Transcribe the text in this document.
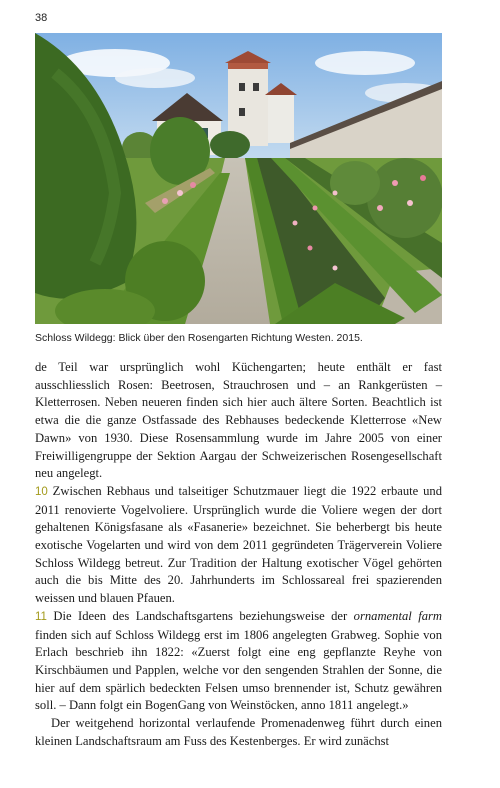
38
Schloss Wildegg: Blick über den Rosengarten Richtung Westen. 2015.

de Teil war ursprünglich wohl Küchengarten; heute enthält er fast ausschliesslich Rosen: Beetrosen, Strauchrosen und – an Rankgerüsten – Kletterrosen. Neben neueren finden sich hier auch ältere Sorten. Beachtlich ist etwa die die ganze Ostfassade des Rebhauses bedeckende Kletterrose «New Dawn» von 1930. Diese Rosensammlung wurde im Jahre 2005 von einer Freiwilligengruppe der Sektion Aargau der Schweizerischen Rosengesellschaft neu angelegt.

10 Zwischen Rebhaus und talseitiger Schutzmauer liegt die 1922 erbaute und 2011 renovierte Vogelvoliere. Ursprünglich wurde die Voliere wegen der dort gehaltenen Königsfasane als «Fasanerie» bezeichnet. Sie beherbergt bis heute exotische Vogelarten und wird von dem 2011 gegründeten Trägerverein Voliere Schloss Wildegg betreut. Zur Tradition der Haltung exotischer Vögel gehörten auch die bis Mitte des 20. Jahrhunderts im Schlossareal frei spazierenden weissen und blauen Pfauen.

11 Die Ideen des Landschaftsgartens beziehungsweise der ornamental farm finden sich auf Schloss Wildegg erst im 1806 angelegten Grabweg. Sophie von Erlach beschrieb ihn 1822: «Zuerst folgt eine eng gepflanzte Reyhe von Kirschbäumen und Papplen, welche vor den sengenden Strahlen der Sonne, die hier auf dem spärlich bedeckten Felsen umso brennender ist, Schutz gewähren soll. – Dann folgt ein BogenGang von Weinstöcken, anno 1811 angelegt.»

Der weitgehend horizontal verlaufende Promenadenweg führt durch einen kleinen Landschaftsraum am Fuss des Kestenberges. Er wird zunächst
